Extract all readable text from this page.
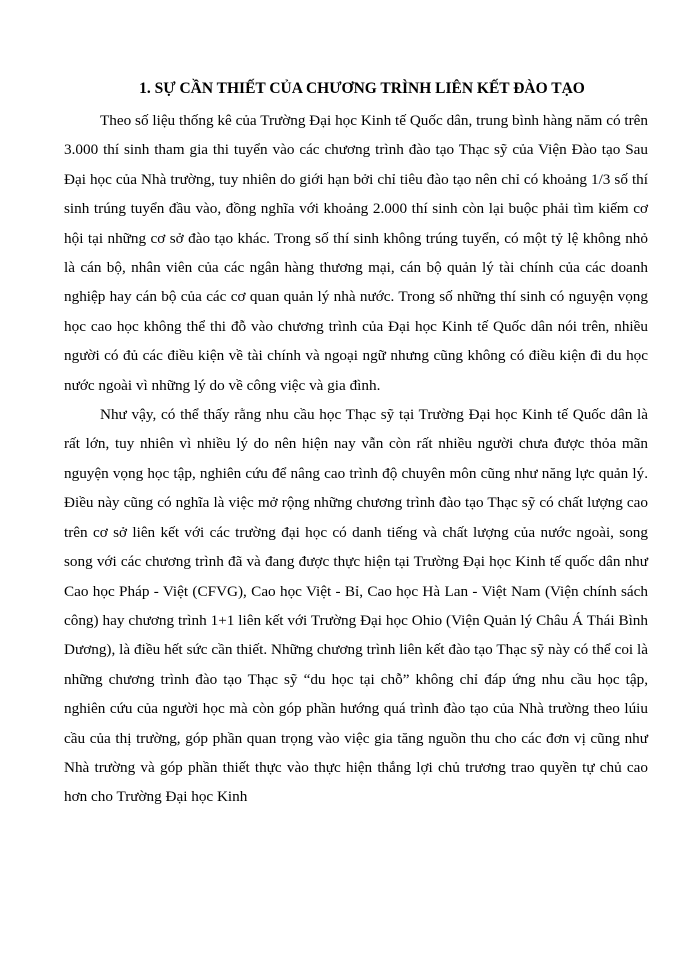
1. SỰ CẦN THIẾT CỦA CHƯƠNG TRÌNH LIÊN KẾT ĐÀO TẠO

Theo số liệu thống kê của Trường Đại học Kinh tế Quốc dân, trung bình hàng năm có trên 3.000 thí sinh tham gia thi tuyển vào các chương trình đào tạo Thạc sỹ của Viện Đào tạo Sau Đại học của Nhà trường, tuy nhiên do giới hạn bởi chỉ tiêu đào tạo nên chỉ có khoảng 1/3 số thí sinh trúng tuyển đầu vào, đồng nghĩa với khoảng 2.000 thí sinh còn lại buộc phải tìm kiếm cơ hội tại những cơ sở đào tạo khác. Trong số thí sinh không trúng tuyển, có một tỷ lệ không nhỏ là cán bộ, nhân viên của các ngân hàng thương mại, cán bộ quản lý tài chính của các doanh nghiệp hay cán bộ của các cơ quan quản lý nhà nước. Trong số những thí sinh có nguyện vọng học cao học không thể thi đỗ vào chương trình của Đại học Kinh tế Quốc dân nói trên, nhiều người có đủ các điều kiện về tài chính và ngoại ngữ nhưng cũng không có điều kiện đi du học nước ngoài vì những lý do về công việc và gia đình.

Như vậy, có thể thấy rằng nhu cầu học Thạc sỹ tại Trường Đại học Kinh tế Quốc dân là rất lớn, tuy nhiên vì nhiều lý do nên hiện nay vẫn còn rất nhiều người chưa được thỏa mãn nguyện vọng học tập, nghiên cứu để nâng cao trình độ chuyên môn cũng như năng lực quản lý. Điều này cũng có nghĩa là việc mở rộng những chương trình đào tạo Thạc sỹ có chất lượng cao trên cơ sở liên kết với các trường đại học có danh tiếng và chất lượng của nước ngoài, song song với các chương trình đã và đang được thực hiện tại Trường Đại học Kinh tế quốc dân như Cao học Pháp - Việt (CFVG), Cao học Việt - Bỉ, Cao học Hà Lan - Việt Nam (Viện chính sách công) hay chương trình 1+1 liên kết với Trường Đại học Ohio (Viện Quản lý Châu Á Thái Bình Dương), là điều hết sức cần thiết. Những chương trình liên kết đào tạo Thạc sỹ này có thể coi là những chương trình đào tạo Thạc sỹ “du học tại chỗ” không chỉ đáp ứng nhu cầu học tập, nghiên cứu của người học mà còn góp phần hướng quá trình đào tạo của Nhà trường theo lúiu cầu của thị trường, góp phần quan trọng vào việc gia tăng nguồn thu cho các đơn vị cũng như Nhà trường và góp phần thiết thực vào thực hiện thắng lợi chủ trương trao quyền tự chủ cao hơn cho Trường Đại học Kinh
